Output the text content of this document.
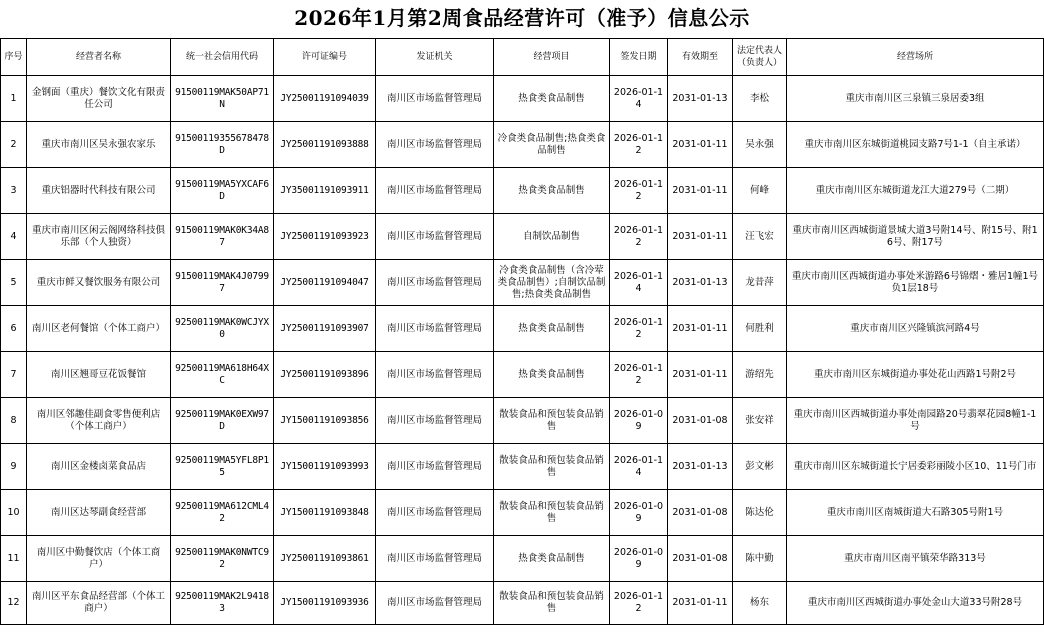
2026年1月第2周食品经营许可（准予）信息公示
序号	经营者名称	统一社会信用代码	许可证编号	发证机关	经营项目	签发日期	有效期至	法定代表人（负责人）	经营场所
1	金钢面（重庆）餐饮文化有限责任公司	91500119MAK50AP71N	JY25001191094039	南川区市场监督管理局	热食类食品制售	2026-01-14	2031-01-13	李松	重庆市南川区三泉镇三泉居委3组
2	重庆市南川区吴永强农家乐	91500119355678478D	JY25001191093888	南川区市场监督管理局	冷食类食品制售;热食类食品制售	2026-01-12	2031-01-11	吴永强	重庆市南川区东城街道桃园支路7号1-1（自主承诺）
3	重庆铝器时代科技有限公司	91500119MA5YXCAF6D	JY35001191093911	南川区市场监督管理局	热食类食品制售	2026-01-12	2031-01-11	何峰	重庆市南川区东城街道龙江大道279号（二期）
4	重庆市南川区闲云阁网络科技俱乐部（个人独资）	91500119MAK0K34A87	JY25001191093923	南川区市场监督管理局	自制饮品制售	2026-01-12	2031-01-11	汪飞宏	重庆市南川区西城街道景城大道3号附14号、附15号、附16号、附17号
5	重庆市鲜又餐饮服务有限公司	91500119MAK4J07997	JY25001191094047	南川区市场监督管理局	冷食类食品制售（含冷荤类食品制售）;自制饮品制售;热食类食品制售	2026-01-14	2031-01-13	龙昔萍	重庆市南川区西城街道办事处米游路6号锦熠・雅居1幢1号负1层18号
6	南川区老何餐馆（个体工商户）	92500119MAK0WCJYX0	JY25001191093907	南川区市场监督管理局	热食类食品制售	2026-01-12	2031-01-11	何胜利	重庆市南川区兴隆镇滨河路4号
7	南川区翘哥豆花饭餐馆	92500119MA618H64XC	JY25001191093896	南川区市场监督管理局	热食类食品制售	2026-01-12	2031-01-11	游绍先	重庆市南川区东城街道办事处花山西路1号附2号
8	南川区邻趣佳副食零售便利店（个体工商户）	92500119MAK0EXW97D	JY15001191093856	南川区市场监督管理局	散装食品和预包装食品销售	2026-01-09	2031-01-08	张安祥	重庆市南川区西城街道办事处南园路20号翡翠花园8幢1-1号
9	南川区金楼卤菜食品店	92500119MA5YFL8P15	JY15001191093993	南川区市场监督管理局	散装食品和预包装食品销售	2026-01-14	2031-01-13	彭文彬	重庆市南川区东城街道长宁居委彩丽陵小区10、11号门市
10	南川区达琴副食经营部	92500119MA612CML42	JY15001191093848	南川区市场监督管理局	散装食品和预包装食品销售	2026-01-09	2031-01-08	陈达伦	重庆市南川区南城街道大石路305号附1号
11	南川区中勤餐饮店（个体工商户）	92500119MAK0NWTC92	JY25001191093861	南川区市场监督管理局	热食类食品制售	2026-01-09	2031-01-08	陈中勤	重庆市南川区南平镇荣华路313号
12	南川区平东食品经营部（个体工商户）	92500119MAK2L94183	JY15001191093936	南川区市场监督管理局	散装食品和预包装食品销售	2026-01-12	2031-01-11	杨东	重庆市南川区西城街道办事处金山大道33号附28号
